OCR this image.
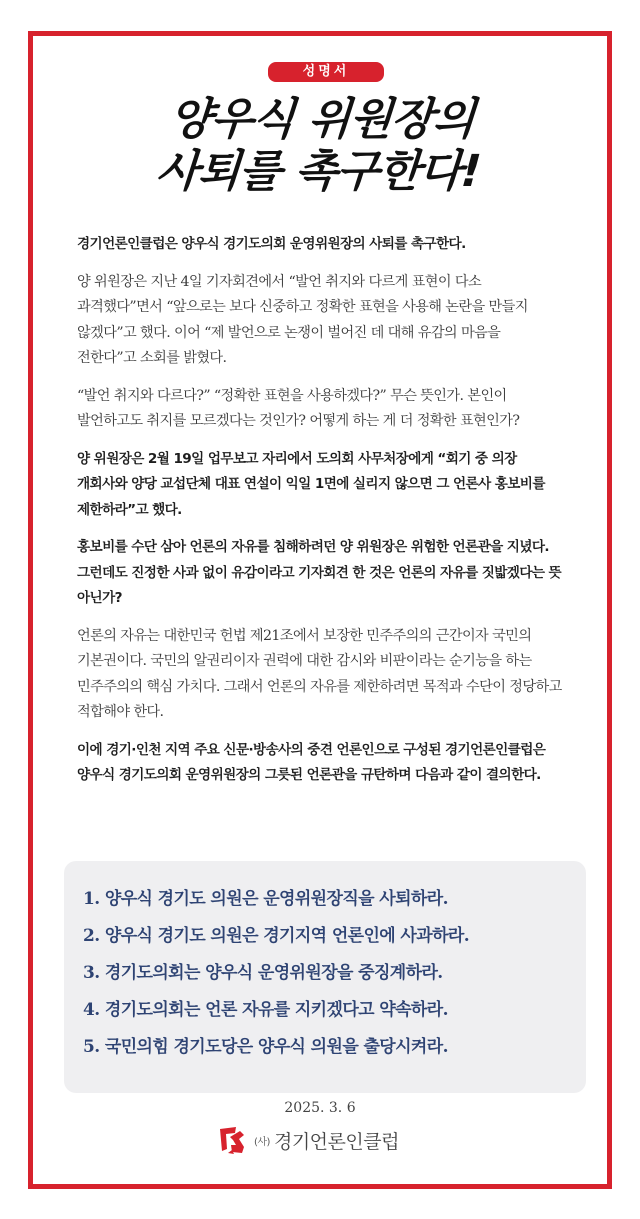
성명서
양우식 위원장의
사퇴를 촉구한다!

경기언론인클럽은 양우식 경기도의회 운영위원장의 사퇴를 촉구한다.

양 위원장은 지난 4일 기자회견에서 “발언 취지와 다르게 표현이 다소 과격했다”면서 “앞으로는 보다 신중하고 정확한 표현을 사용해 논란을 만들지 않겠다”고 했다. 이어 “제 발언으로 논쟁이 벌어진 데 대해 유감의 마음을 전한다”고 소회를 밝혔다.

“발언 취지와 다르다?” “정확한 표현을 사용하겠다?” 무슨 뜻인가. 본인이 발언하고도 취지를 모르겠다는 것인가? 어떻게 하는 게 더 정확한 표현인가?

양 위원장은 2월 19일 업무보고 자리에서 도의회 사무처장에게 “회기 중 의장 개회사와 양당 교섭단체 대표 연설이 익일 1면에 실리지 않으면 그 언론사 홍보비를 제한하라”고 했다.

홍보비를 수단 삼아 언론의 자유를 침해하려던 양 위원장은 위험한 언론관을 지녔다. 그런데도 진정한 사과 없이 유감이라고 기자회견 한 것은 언론의 자유를 짓밟겠다는 뜻 아닌가?

언론의 자유는 대한민국 헌법 제21조에서 보장한 민주주의의 근간이자 국민의 기본권이다. 국민의 알권리이자 권력에 대한 감시와 비판이라는 순기능을 하는 민주주의의 핵심 가치다. 그래서 언론의 자유를 제한하려면 목적과 수단이 정당하고 적합해야 한다.

이에 경기·인천 지역 주요 신문·방송사의 중견 언론인으로 구성된 경기언론인클럽은 양우식 경기도의회 운영위원장의 그릇된 언론관을 규탄하며 다음과 같이 결의한다.

1. 양우식 경기도 의원은 운영위원장직을 사퇴하라.
2. 양우식 경기도 의원은 경기지역 언론인에 사과하라.
3. 경기도의회는 양우식 운영위원장을 중징계하라.
4. 경기도의회는 언론 자유를 지키겠다고 약속하라.
5. 국민의힘 경기도당은 양우식 의원을 출당시켜라.
2025. 3. 6
(사) 경기언론인클럽
